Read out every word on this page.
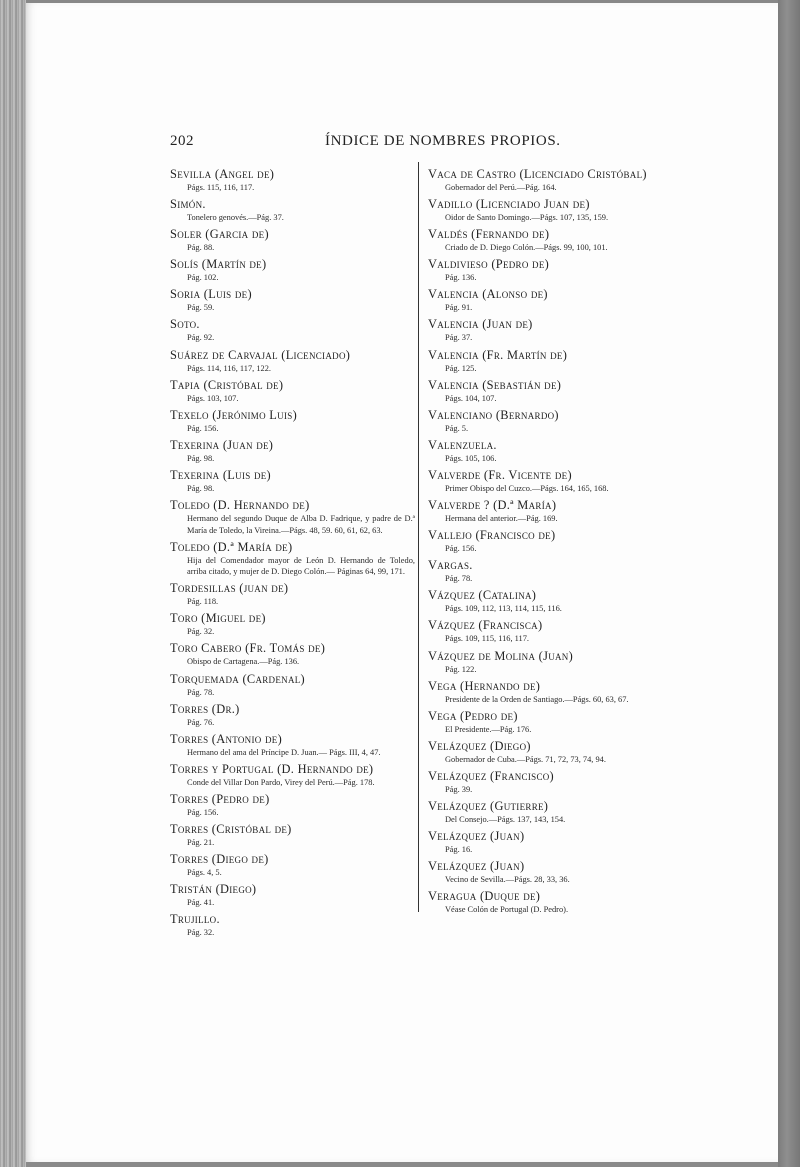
202	ÍNDICE DE NOMBRES PROPIOS.
Sevilla (Angel de)
Págs. 115, 116, 117.
Simón.
Tonelero genovés.—Pág. 37.
Soler (Garcia de)
Pág. 88.
Solís (Martín de)
Pág. 102.
Soria (Luis de)
Pág. 59.
Soto.
Pág. 92.
Suárez de Carvajal (Licenciado)
Págs. 114, 116, 117, 122.
Tapia (Cristóbal de)
Págs. 103, 107.
Texelo (Jerónimo Luis)
Pág. 156.
Texerina (Juan de)
Pág. 98.
Texerina (Luis de)
Pág. 98.
Toledo (D. Hernando de)
Hermano del segundo Duque de Alba D. Fadrique, y padre de D.ª María de Toledo, la Vireina.—Págs. 48, 59. 60, 61, 62, 63.
Toledo (D.ª María de)
Hija del Comendador mayor de León D. Hernando de Toledo, arriba citado, y mujer de D. Diego Colón.— Páginas 64, 99, 171.
Tordesillas (juan de)
Pág. 118.
Toro (Miguel de)
Pág. 32.
Toro Cabero (Fr. Tomás de)
Obispo de Cartagena.—Pág. 136.
Torquemada (Cardenal)
Pág. 78.
Torres (Dr.)
Pág. 76.
Torres (Antonio de)
Hermano del ama del Príncipe D. Juan.— Págs. III, 4, 47.
Torres y Portugal (D. Hernando de)
Conde del Villar Don Pardo, Virey del Perú.—Pág. 178.
Torres (Pedro de)
Pág. 156.
Torres (Cristóbal de)
Pág. 21.
Torres (Diego de)
Págs. 4, 5.
Tristán (Diego)
Pág. 41.
Trujillo.
Pág. 32.
Vaca de Castro (Licenciado Cristóbal)
Gobernador del Perú.—Pág. 164.
Vadillo (Licenciado Juan de)
Oidor de Santo Domingo.—Págs. 107, 135, 159.
Valdés (Fernando de)
Criado de D. Diego Colón.—Págs. 99, 100, 101.
Valdivieso (Pedro de)
Pág. 136.
Valencia (Alonso de)
Pág. 91.
Valencia (Juan de)
Pág. 37.
Valencia (Fr. Martín de)
Pág. 125.
Valencia (Sebastián de)
Págs. 104, 107.
Valenciano (Bernardo)
Pág. 5.
Valenzuela.
Págs. 105, 106.
Valverde (Fr. Vicente de)
Primer Obispo del Cuzco.—Págs. 164, 165, 168.
Valverde ? (D.ª María)
Hermana del anterior.—Pág. 169.
Vallejo (Francisco de)
Pág. 156.
Vargas.
Pág. 78.
Vázquez (Catalina)
Págs. 109, 112, 113, 114, 115, 116.
Vázquez (Francisca)
Págs. 109, 115, 116, 117.
Vázquez de Molina (Juan)
Pág. 122.
Vega (Hernando de)
Presidente de la Orden de Santiago.—Págs. 60, 63, 67.
Vega (Pedro de)
El Presidente.—Pág. 176.
Velázquez (Diego)
Gobernador de Cuba.—Págs. 71, 72, 73, 74, 94.
Velázquez (Francisco)
Pág. 39.
Velázquez (Gutierre)
Del Consejo.—Págs. 137, 143, 154.
Velázquez (Juan)
Pág. 16.
Velázquez (Juan)
Vecino de Sevilla.—Págs. 28, 33, 36.
Veragua (Duque de)
Véase Colón de Portugal (D. Pedro).
